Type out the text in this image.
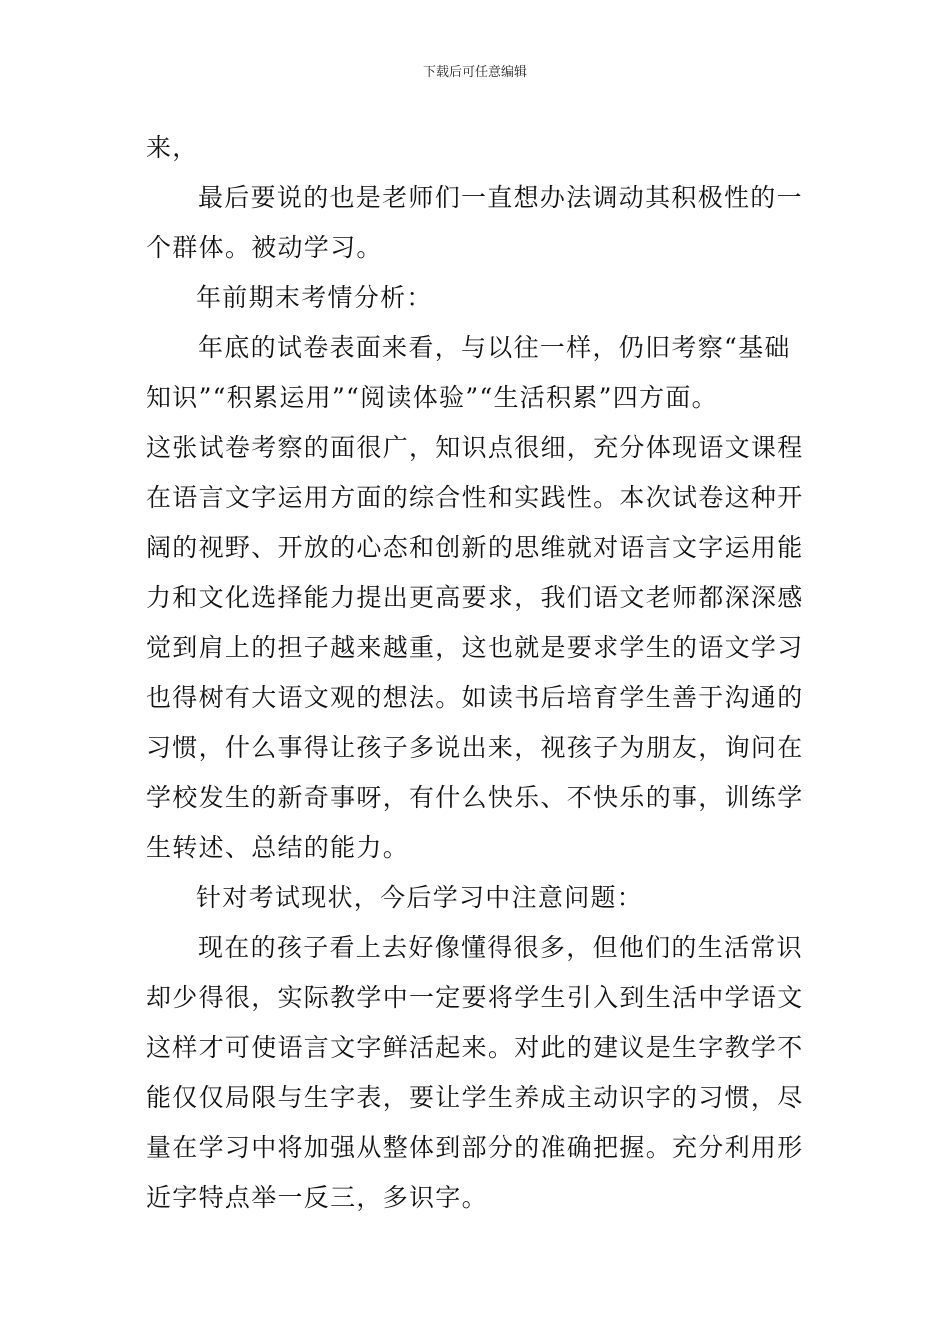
下载后可任意编辑
来，
最后要说的也是老师们一直想办法调动其积极性的一
个群体。被动学习。
年前期末考情分析：
年底的试卷表面来看，与以往一样，仍旧考察“基础
知识”“积累运用”“阅读体验”“生活积累”四方面。
这张试卷考察的面很广，知识点很细，充分体现语文课程
在语言文字运用方面的综合性和实践性。本次试卷这种开
阔的视野、开放的心态和创新的思维就对语言文字运用能
力和文化选择能力提出更高要求，我们语文老师都深深感
觉到肩上的担子越来越重，这也就是要求学生的语文学习
也得树有大语文观的想法。如读书后培育学生善于沟通的
习惯，什么事得让孩子多说出来，视孩子为朋友，询问在
学校发生的新奇事呀，有什么快乐、不快乐的事，训练学
生转述、总结的能力。
针对考试现状，今后学习中注意问题：
现在的孩子看上去好像懂得很多，但他们的生活常识
却少得很，实际教学中一定要将学生引入到生活中学语文
这样才可使语言文字鲜活起来。对此的建议是生字教学不
能仅仅局限与生字表，要让学生养成主动识字的习惯，尽
量在学习中将加强从整体到部分的准确把握。充分利用形
近字特点举一反三，多识字。
